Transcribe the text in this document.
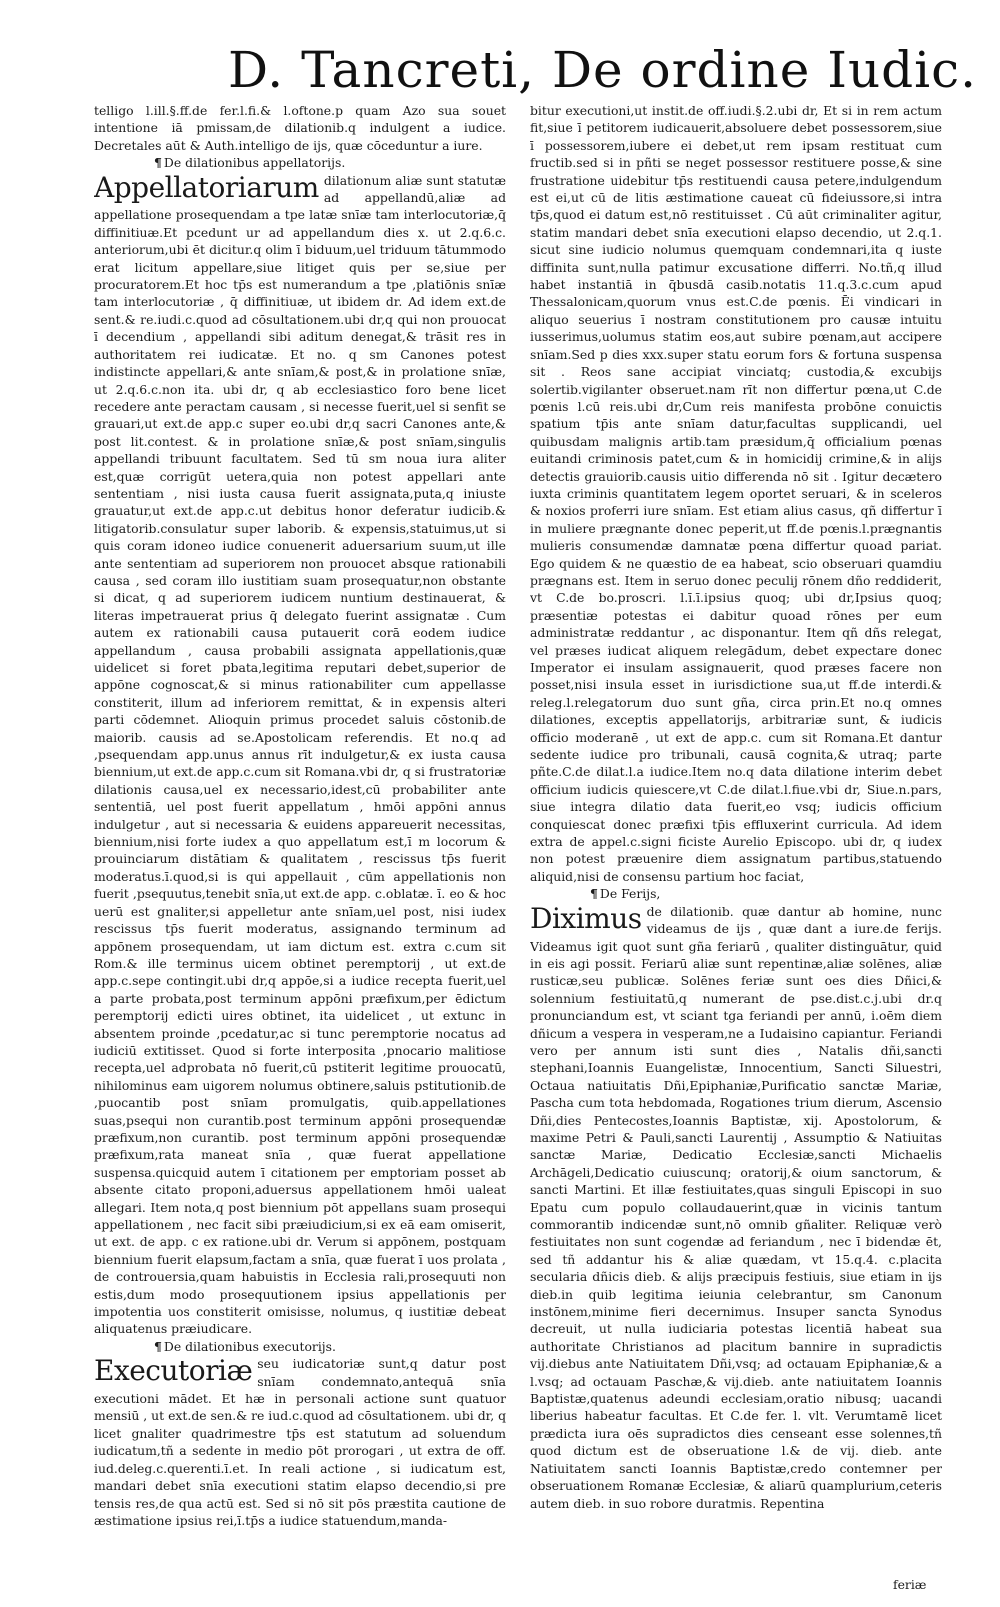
D. Tancreti, De ordine Iudic.

telligo l.ill.§.ff.de fer.l.fi.& l.oftone.p quam Azo sua souet intentione iā pmissam,de dilationib.q indulgent a iudice. Decretales aūt & Auth.intelligo de ijs, quæ cōceduntur a iure.

¶ De dilationibus appellatorijs.

Appellatoriarum dilationum aliæ sunt statutæ ad appellandū,aliæ ad appellatione prosequendam a tpe latæ snīæ tam interlocutoriæ,q̄ diffinitiuæ.Et pcedunt ur ad appellandum dies x. ut 2.q.6.c. anteriorum,ubi ēt dicitur.q olim ī biduum,uel triduum tātummodo erat licitum appellare,siue litiget quis per se,siue per procuratorem.Et hoc tp̄s est numerandum a tpe ,platiōnis snīæ tam interlocutoriæ , q̄ diffinitiuæ, ut ibidem dr. Ad idem ext.de sent.& re.iudi.c.quod ad cōsultationem.ubi dr,q qui non prouocat ī decendium , appellandi sibi aditum denegat,& trāsit res in authoritatem rei iudicatæ. Et no. q sm Canones potest indistincte appellari,& ante snīam,& post,& in prolatione snīæ, ut 2.q.6.c.non ita. ubi dr, q ab ecclesiastico foro bene licet recedere ante peractam causam , si necesse fuerit,uel si senfit se grauari,ut ext.de app.c super eo.ubi dr,q sacri Canones ante,& post lit.contest. & in prolatione snīæ,& post snīam,singulis appellandi tribuunt facultatem. Sed tū sm noua iura aliter est,quæ corrigūt uetera,quia non potest appellari ante sententiam , nisi iusta causa fuerit assignata,puta,q iniuste grauatur,ut ext.de app.c.ut debitus honor deferatur iudicib.& litigatorib.consulatur super laborib. & expensis,statuimus,ut si quis coram idoneo iudice conuenerit aduersarium suum,ut ille ante sententiam ad superiorem non prouocet absque rationabili causa , sed coram illo iustitiam suam prosequatur,non obstante si dicat, q ad superiorem iudicem nuntium destinauerat, & literas impetrauerat prius q̄ delegato fuerint assignatæ . Cum autem ex rationabili causa putauerit corā eodem iudice appellandum , causa probabili assignata appellationis,quæ uidelicet si foret pbata,legitima reputari debet,superior de appōne cognoscat,& si minus rationabiliter cum appellasse constiterit, illum ad inferiorem remittat, & in expensis alteri parti cōdemnet. Alioquin primus procedet saluis cōstonib.de maiorib. causis ad se.Apostolicam referendis. Et no.q ad ,psequendam app.unus annus rīt indulgetur,& ex iusta causa biennium,ut ext.de app.c.cum sit Romana.vbi dr, q si frustratoriæ dilationis causa,uel ex necessario,idest,cū probabiliter ante sententiā, uel post fuerit appellatum , hmōi appōni annus indulgetur , aut si necessaria & euidens appareuerit necessitas, biennium,nisi forte iudex a quo appellatum est,ī m locorum & prouinciarum distātiam & qualitatem , rescissus tp̄s fuerit moderatus.ī.quod,si is qui appellauit , cūm appellationis non fuerit ,psequutus,tenebit snīa,ut ext.de app. c.oblatæ. ī. eo & hoc uerū est gnaliter,si appelletur ante snīam,uel post, nisi iudex rescissus tp̄s fuerit moderatus, assignando terminum ad appōnem prosequendam, ut iam dictum est. extra c.cum sit Rom.& ille terminus uicem obtinet peremptorij , ut ext.de app.c.sepe contingit.ubi dr,q appōe,si a iudice recepta fuerit,uel a parte probata,post terminum appōni præfixum,per ēdictum peremptorij edicti uires obtinet, ita uidelicet , ut extunc in absentem proinde ,pcedatur,ac si tunc peremptorie nocatus ad iudiciū extitisset. Quod si forte interposita ,pnocario malitiose recepta,uel adprobata nō fuerit,cū pstiterit legitime prouocatū, nihilominus eam uigorem nolumus obtinere,saluis pstitutionib.de ,puocantib post snīam promulgatis, quib.appellationes suas,psequi non curantib.post terminum appōni prosequendæ præfixum,non curantib. post terminum appōni prosequendæ præfixum,rata maneat snīa , quæ fuerat appellatione suspensa.quicquid autem ī citationem per emptoriam posset ab absente citato proponi,aduersus appellationem hmōi ualeat allegari. Item nota,q post biennium pōt appellans suam prosequi appellationem , nec facit sibi præiudicium,si ex eā eam omiserit, ut ext. de app. c ex ratione.ubi dr. Verum si appōnem, postquam biennium fuerit elapsum,factam a snīa, quæ fuerat ī uos prolata , de controuersia,quam habuistis in Ecclesia rali,prosequuti non estis,dum modo prosequutionem ipsius appellationis per impotentia uos constiterit omisisse, nolumus, q iustitiæ debeat aliquatenus præiudicare.

¶ De dilationibus executorijs.

Executoriæ seu iudicatoriæ sunt,q datur post snīam condemnato,antequā snīa executioni mādet. Et hæ in personali actione sunt quatuor mensiū , ut ext.de sen.& re iud.c.quod ad cōsultationem. ubi dr, q licet gnaliter quadrimestre tp̄s est statutum ad soluendum iudicatum,tñ a sedente in medio pōt prorogari , ut extra de off. iud.deleg.c.querenti.ī.et. In reali actione , si iudicatum est, mandari debet snīa executioni statim elapso decendio,si pre tensis res,de qua actū est. Sed si nō sit pōs præstita cautione de æstimatione ipsius rei,ī.tp̄s a iudice statuendum,manda-

bitur executioni,ut instit.de off.iudi.§.2.ubi dr, Et si in rem actum fit,siue ī petitorem iudicauerit,absoluere debet possessorem,siue ī possessorem,iubere ei debet,ut rem ipsam restituat cum fructib.sed si in pñti se neget possessor restituere posse,& sine frustratione uidebitur tp̄s restituendi causa petere,indulgendum est ei,ut cū de litis æstimatione caueat cū fideiussore,si intra tp̄s,quod ei datum est,nō restituisset . Cū aūt criminaliter agitur, statim mandari debet snīa executioni elapso decendio, ut 2.q.1. sicut sine iudicio nolumus quemquam condemnari,ita q iuste diffinita sunt,nulla patimur excusatione differri. No.tñ,q illud habet instantiā in q̄busdā casib.notatis 11.q.3.c.cum apud Thessalonicam,quorum vnus est.C.de pœnis. Ēi vindicari in aliquo seuerius ī nostram constitutionem pro causæ intuitu iusserimus,uolumus statim eos,aut subire pœnam,aut accipere snīam.Sed p dies xxx.super statu eorum fors & fortuna suspensa sit . Reos sane accipiat vinciatq; custodia,& excubijs solertib.vigilanter obseruet.nam rīt non differtur pœna,ut C.de pœnis l.cū reis.ubi dr,Cum reis manifesta probōne conuictis spatium tp̄is ante snīam datur,facultas supplicandi, uel quibusdam malignis artib.tam præsidum,q̄ officialium pœnas euitandi criminosis patet,cum & in homicidij crimine,& in alijs detectis grauiorib.causis uitio differenda nō sit . Igitur decætero iuxta criminis quantitatem legem oportet seruari, & in sceleros & noxios proferri iure snīam. Est etiam alius casus, qñ differtur ī in muliere prægnante donec peperit,ut ff.de pœnis.l.prægnantis mulieris consumendæ damnatæ pœna differtur quoad pariat. Ego quidem & ne quæstio de ea habeat, scio obseruari quamdiu prægnans est. Item in seruo donec peculij rōnem dño reddiderit, vt C.de bo.proscri. l.ī.ī.ipsius quoq; ubi dr,Ipsius quoq; præsentiæ potestas ei dabitur quoad rōnes per eum administratæ reddantur , ac disponantur. Item qñ dñs relegat, vel præses iudicat aliquem relegādum, debet expectare donec Imperator ei insulam assignauerit, quod præses facere non posset,nisi insula esset in iurisdictione sua,ut ff.de interdi.& releg.l.relegatorum duo sunt gña, circa prin.Et no.q omnes dilationes, exceptis appellatorijs, arbitrariæ sunt, & iudicis officio moderanē , ut ext de app.c. cum sit Romana.Et dantur sedente iudice pro tribunali, causā cognita,& utraq; parte pñte.C.de dilat.l.a iudice.Item no.q data dilatione interim debet officium iudicis quiescere,vt C.de dilat.l.fiue.vbi dr, Siue.n.pars, siue integra dilatio data fuerit,eo vsq; iudicis officium conquiescat donec præfixi tp̄is effluxerint curricula. Ad idem extra de appel.c.signi ficiste Aurelio Episcopo. ubi dr, q iudex non potest præuenire diem assignatum partibus,statuendo aliquid,nisi de consensu partium hoc faciat,

¶ De Ferijs,

Diximus de dilationib. quæ dantur ab homine, nunc videamus de ijs , quæ dant a iure.de ferijs. Videamus igit quot sunt gña feriarū , qualiter distinguātur, quid in eis agi possit. Feriarū aliæ sunt repentinæ,aliæ solēnes, aliæ rusticæ,seu publicæ. Solēnes feriæ sunt oes dies Dñici,& solennium festiuitatū,q numerant de pse.dist.c.j.ubi dr.q pronunciandum est, vt sciant tga feriandi per annū, i.oēm diem dñicum a vespera in vesperam,ne a Iudaisino capiantur. Feriandi vero per annum isti sunt dies , Natalis dñi,sancti stephani,Ioannis Euangelistæ, Innocentium, Sancti Siluestri, Octaua natiuitatis Dñi,Epiphaniæ,Purificatio sanctæ Mariæ, Pascha cum tota hebdomada, Rogationes trium dierum, Ascensio Dñi,dies Pentecostes,Ioannis Baptistæ, xij. Apostolorum, & maxime Petri & Pauli,sancti Laurentij , Assumptio & Natiuitas sanctæ Mariæ, Dedicatio Ecclesiæ,sancti Michaelis Archāgeli,Dedicatio cuiuscunq; oratorij,& oium sanctorum, & sancti Martini. Et illæ festiuitates,quas singuli Episcopi in suo Epatu cum populo collaudauerint,quæ in vicinis tantum commorantib indicendæ sunt,nō omnib gñaliter. Reliquæ verò festiuitates non sunt cogendæ ad feriandum , nec ī bidendæ ēt, sed tñ addantur his & aliæ quædam, vt 15.q.4. c.placita secularia dñicis dieb. & alijs præcipuis festiuis, siue etiam in ijs dieb.in quib legitima ieiunia celebrantur, sm Canonum instōnem,minime fieri decernimus. Insuper sancta Synodus decreuit, ut nulla iudiciaria potestas licentiā habeat sua authoritate Christianos ad placitum bannire in supradictis vij.diebus ante Natiuitatem Dñi,vsq; ad octauam Epiphaniæ,& a l.vsq; ad octauam Paschæ,& vij.dieb. ante natiuitatem Ioannis Baptistæ,quatenus adeundi ecclesiam,oratio nibusq; uacandi liberius habeatur facultas. Et C.de fer. l. vlt. Verumtamē licet prædicta iura oēs supradictos dies censeant esse solennes,tñ quod dictum est de obseruatione l.& de vij. dieb. ante Natiuitatem sancti Ioannis Baptistæ,credo contemner per obseruationem Romanæ Ecclesiæ, & aliarū quamplurium,ceteris autem dieb. in suo robore duratmis. Repentina

feriæ
